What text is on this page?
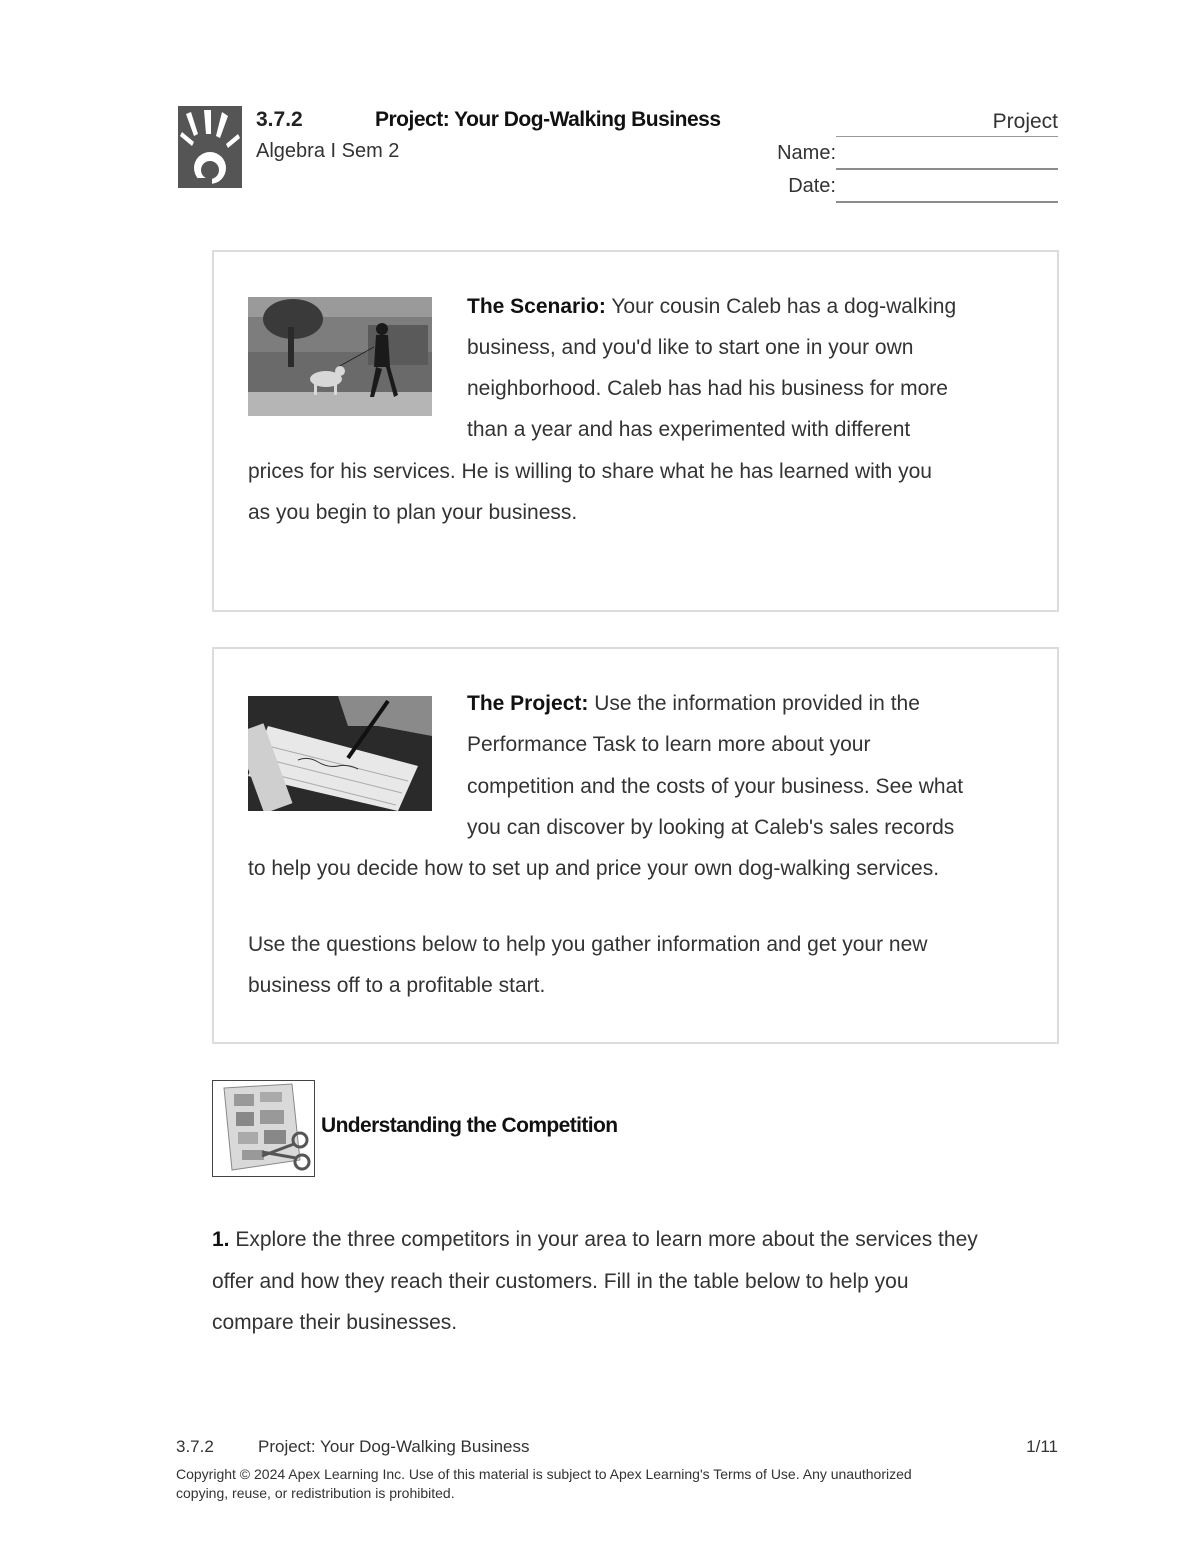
3.7.2	Project: Your Dog-Walking Business	Project
Algebra I Sem 2	Name:
Date:
The Scenario: Your cousin Caleb has a dog-walking
business, and you'd like to start one in your own
neighborhood. Caleb has had his business for more
than a year and has experimented with different
prices for his services. He is willing to share what he has learned with you
as you begin to plan your business.
The Project: Use the information provided in the
Performance Task to learn more about your
competition and the costs of your business. See what
you can discover by looking at Caleb's sales records
to help you decide how to set up and price your own dog-walking services.
Use the questions below to help you gather information and get your new
business off to a profitable start.
Understanding the Competition
1. Explore the three competitors in your area to learn more about the services they
offer and how they reach their customers. Fill in the table below to help you
compare their businesses.
3.7.2	Project: Your Dog-Walking Business	1/11
Copyright © 2024 Apex Learning Inc. Use of this material is subject to Apex Learning's Terms of Use. Any unauthorized
copying, reuse, or redistribution is prohibited.
